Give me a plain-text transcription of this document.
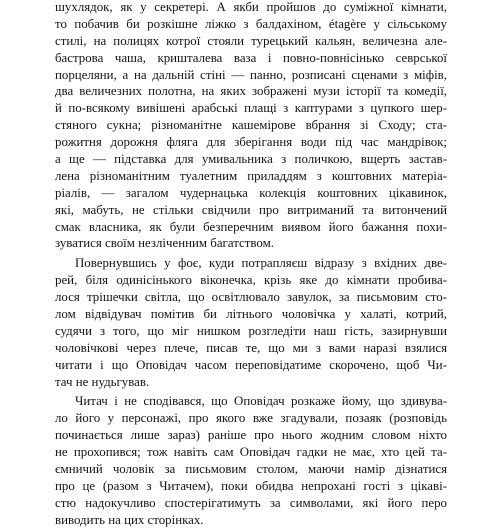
шухлядок, як у секретері. А якби пройшов до суміжної кімнати,
то побачив би розкішне ліжко з балдахіном, étagère у сільському
стилі, на полицях котрої стояли турецький кальян, величезна але-
бастрова чаша, кришталева ваза і повно-повнісінько севрської
порцеляни, а на дальній стіні — панно, розписані сценами з міфів,
два величезних полотна, на яких зображені музи історії та комедії,
й по-всякому вивішені арабські плащі з каптурами з цупкого шер-
стяного сукна; різноманітне кашемірове вбрання зі Сходу; ста-
рожитня дорожня фляга для зберігання води під час мандрівок;
а ще — підставка для умивальника з поличкою, вщерть застав-
лена різноманітним туалетним приладдям з коштовних матеріа-
ріалів, — загалом чудернацька колекція коштовних цікавинок,
які, мабуть, не стільки свідчили про витриманий та витончений
смак власника, як були безперечним виявом його бажання похи-
зуватися своїм незліченним багатством.
Повернувшись у фоє, куди потрапляєш відразу з вхідних две-
рей, біля одинісінького віконечка, крізь яке до кімнати пробива-
лося трішечки світла, що освітлювало завулок, за письмовим сто-
лом відвідувач помітив би літнього чоловічка у халаті, котрий,
судячи з того, що міг нишком розгледіти наш гість, зазирнувши
чоловічкові через плече, писав те, що ми з вами наразі взялися
читати і що Оповідач часом переповідатиме скорочено, щоб Чи-
тач не нудьгував.
Читач і не сподівався, що Оповідач розкаже йому, що здивува-
ло його у персонажі, про якого вже згадували, позаяк (розповідь
починається лише зараз) раніше про нього жодним словом ніхто
не прохопився; тож навіть сам Оповідач гадки не має, хто цей та-
ємничий чоловік за письмовим столом, маючи намір дізнатися
про це (разом з Читачем), поки обидва непрохані гості з цікаві-
стю надокучливо спостерігатимуть за символами, які його перо
виводить на цих сторінках.
